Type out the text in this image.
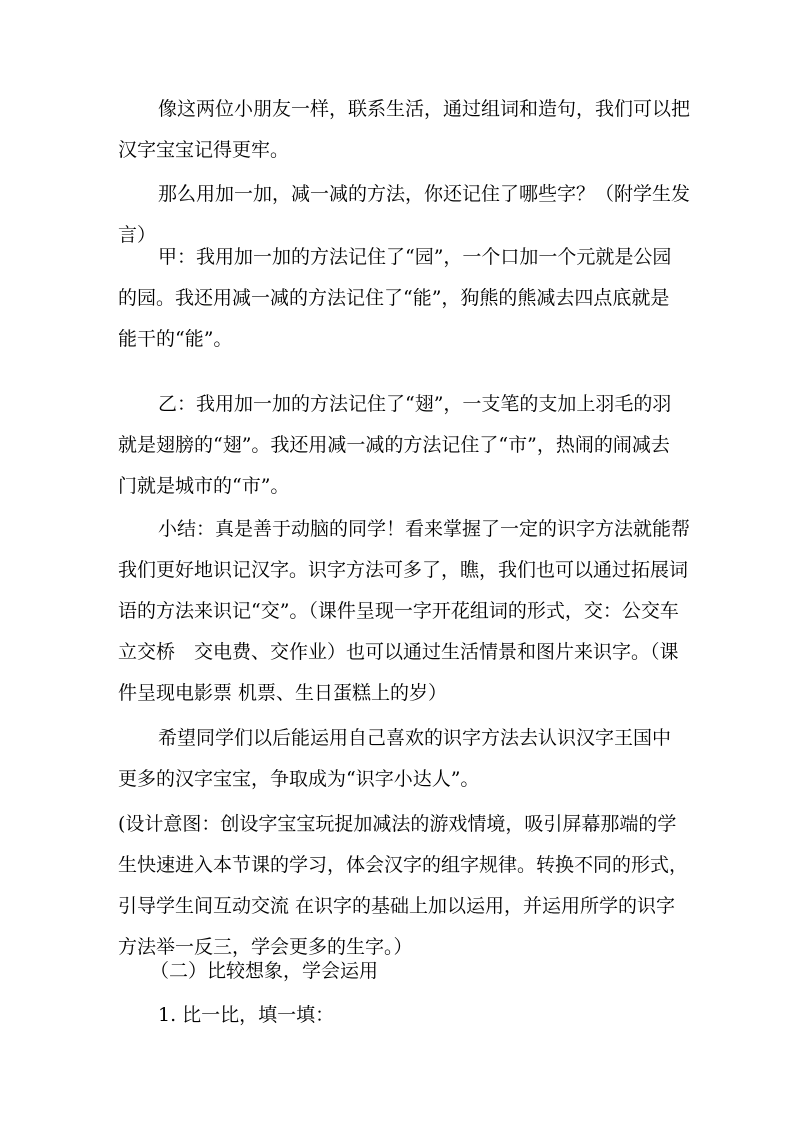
像这两位小朋友一样，联系生活，通过组词和造句，我们可以把
汉字宝宝记得更牢。
那么用加一加，减一减的方法，你还记住了哪些字？（附学生发
言）
甲：我用加一加的方法记住了“园”，一个口加一个元就是公园
的园。我还用减一减的方法记住了“能”，狗熊的熊减去四点底就是
能干的“能”。
乙：我用加一加的方法记住了“翅”，一支笔的支加上羽毛的羽
就是翅膀的“翅”。我还用减一减的方法记住了“市”，热闹的闹减去
门就是城市的“市”。
小结：真是善于动脑的同学！看来掌握了一定的识字方法就能帮
我们更好地识记汉字。识字方法可多了，瞧，我们也可以通过拓展词
语的方法来识记“交”。（课件呈现一字开花组词的形式，交：公交车
立交桥　交电费、交作业）也可以通过生活情景和图片来识字。（课
件呈现电影票 机票、生日蛋糕上的岁）
希望同学们以后能运用自己喜欢的识字方法去认识汉字王国中
更多的汉字宝宝，争取成为“识字小达人”。
(设计意图：创设字宝宝玩捉加减法的游戏情境，吸引屏幕那端的学
生快速进入本节课的学习，体会汉字的组字规律。转换不同的形式，
引导学生间互动交流 在识字的基础上加以运用，并运用所学的识字
方法举一反三，学会更多的生字。）
（二）比较想象，学会运用
1. 比一比，填一填：
